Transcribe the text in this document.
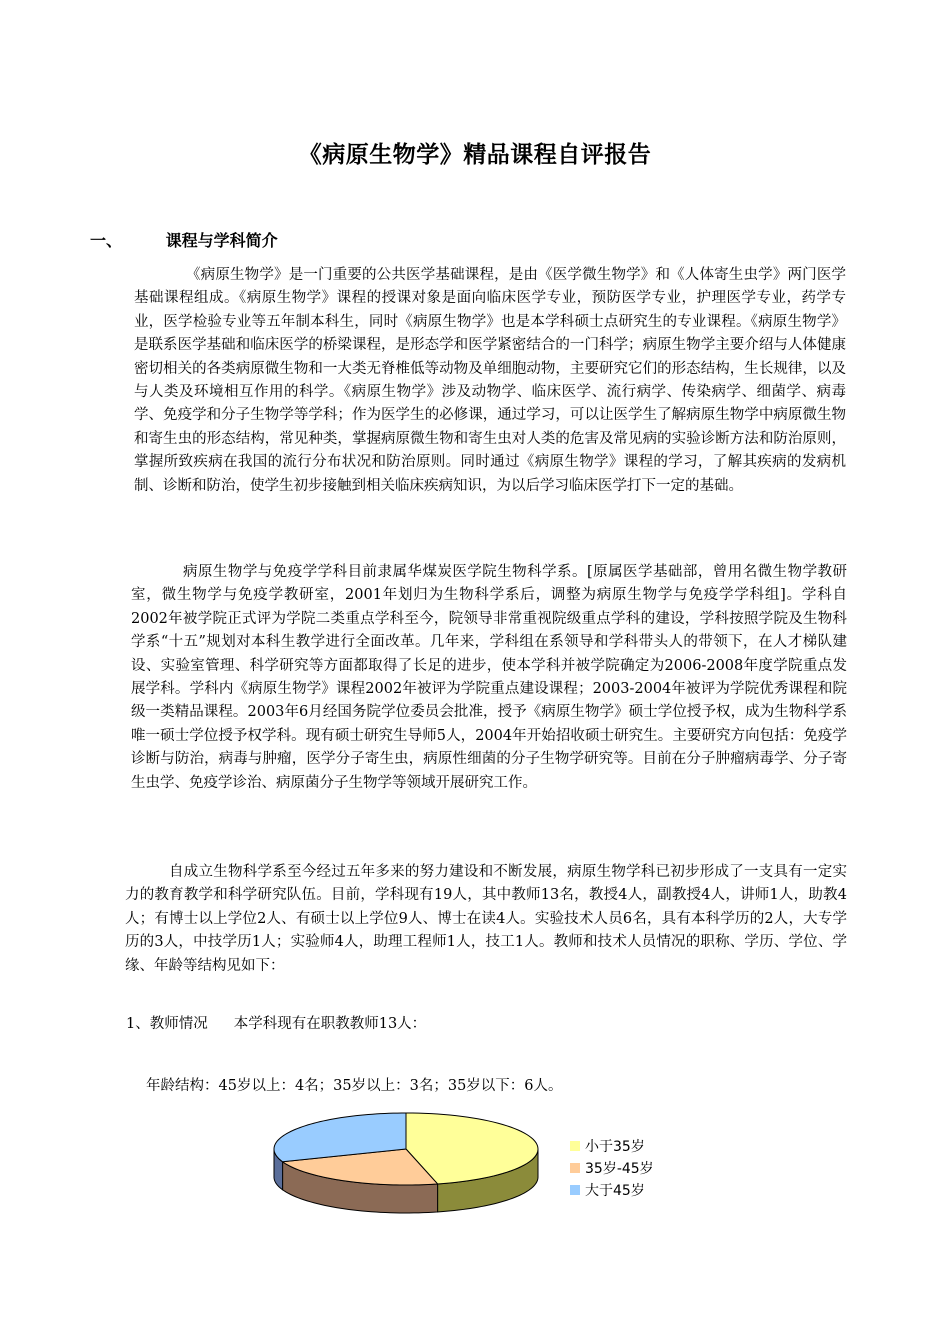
《病原生物学》精品课程自评报告
一、	课程与学科简介
《病原生物学》是一门重要的公共医学基础课程，是由《医学微生物学》和《人体寄生虫学》两门医学基础课程组成。《病原生物学》课程的授课对象是面向临床医学专业，预防医学专业，护理医学专业，药学专业，医学检验专业等五年制本科生，同时《病原生物学》也是本学科硕士点研究生的专业课程。《病原生物学》是联系医学基础和临床医学的桥梁课程，是形态学和医学紧密结合的一门科学；病原生物学主要介绍与人体健康密切相关的各类病原微生物和一大类无脊椎低等动物及单细胞动物，主要研究它们的形态结构，生长规律，以及与人类及环境相互作用的科学。《病原生物学》涉及动物学、临床医学、流行病学、传染病学、细菌学、病毒学、免疫学和分子生物学等学科；作为医学生的必修课，通过学习，可以让医学生了解病原生物学中病原微生物和寄生虫的形态结构，常见种类，掌握病原微生物和寄生虫对人类的危害及常见病的实验诊断方法和防治原则，掌握所致疾病在我国的流行分布状况和防治原则。同时通过《病原生物学》课程的学习，了解其疾病的发病机制、诊断和防治，使学生初步接触到相关临床疾病知识，为以后学习临床医学打下一定的基础。
病原生物学与免疫学学科目前隶属华煤炭医学院生物科学系。[原属医学基础部，曾用名微生物学教研室，微生物学与免疫学教研室，2001年划归为生物科学系后，调整为病原生物学与免疫学学科组]。学科自2002年被学院正式评为学院二类重点学科至今，院领导非常重视院级重点学科的建设，学科按照学院及生物科学系“十五”规划对本科生教学进行全面改革。几年来，学科组在系领导和学科带头人的带领下，在人才梯队建设、实验室管理、科学研究等方面都取得了长足的进步，使本学科并被学院确定为2006-2008年度学院重点发展学科。学科内《病原生物学》课程2002年被评为学院重点建设课程；2003-2004年被评为学院优秀课程和院级一类精品课程。2003年6月经国务院学位委员会批准，授予《病原生物学》硕士学位授予权，成为生物科学系唯一硕士学位授予权学科。现有硕士研究生导师5人，2004年开始招收硕士研究生。主要研究方向包括：免疫学诊断与防治，病毒与肿瘤，医学分子寄生虫，病原性细菌的分子生物学研究等。目前在分子肿瘤病毒学、分子寄生虫学、免疫学诊治、病原菌分子生物学等领域开展研究工作。
自成立生物科学系至今经过五年多来的努力建设和不断发展，病原生物学科已初步形成了一支具有一定实力的教育教学和科学研究队伍。目前，学科现有19人，其中教师13名，教授4人，副教授4人，讲师1人，助教4人；有博士以上学位2人、有硕士以上学位9人、博士在读4人。实验技术人员6名，具有本科学历的2人，大专学历的3人，中技学历1人；实验师4人，助理工程师1人，技工1人。教师和技术人员情况的职称、学历、学位、学缘、年龄等结构见如下：
1、教师情况 本学科现有在职教教师13人：
年龄结构：45岁以上：4名；35岁以上：3名；35岁以下：6人。
小于35岁
35岁-45岁
大于45岁
